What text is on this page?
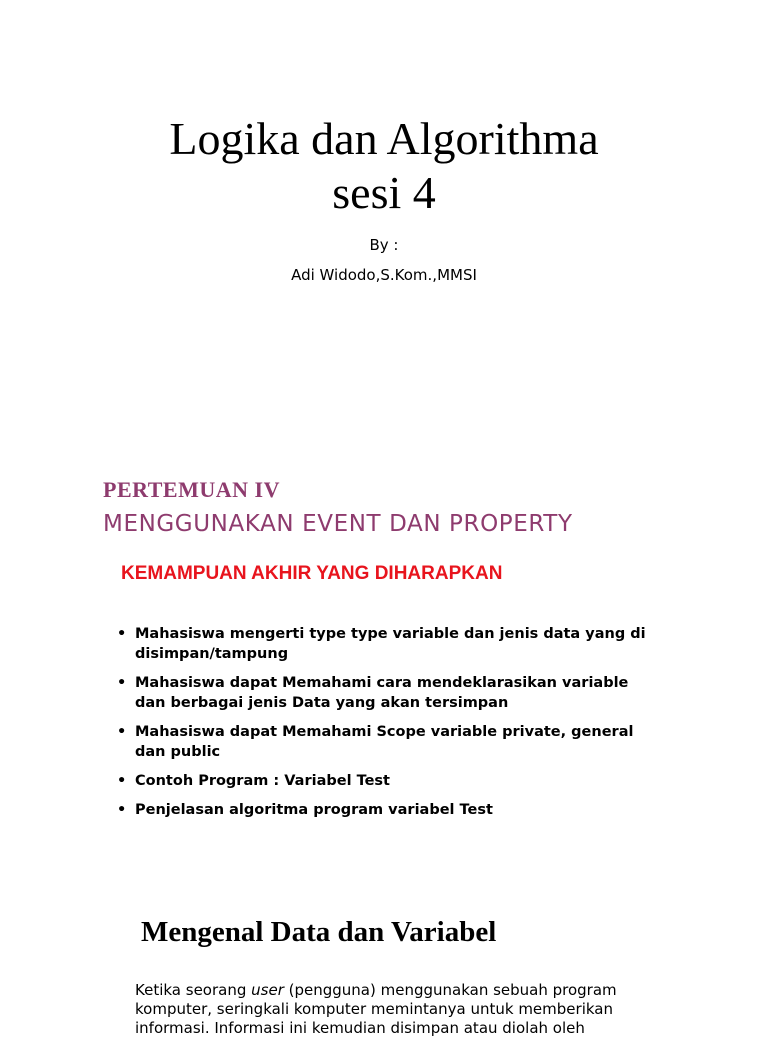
Logika dan Algorithma
sesi 4
By :
Adi Widodo,S.Kom.,MMSI
PERTEMUAN IV
MENGGUNAKAN EVENT DAN PROPERTY
KEMAMPUAN AKHIR YANG DIHARAPKAN
• Mahasiswa mengerti type type variable dan jenis data yang di disimpan/tampung
• Mahasiswa dapat Memahami cara mendeklarasikan variable dan berbagai jenis Data yang akan tersimpan
• Mahasiswa dapat Memahami Scope variable private, general dan public
• Contoh Program : Variabel Test
• Penjelasan algoritma program variabel Test
Mengenal Data dan Variabel
Ketika seorang user (pengguna) menggunakan sebuah program komputer, seringkali komputer memintanya untuk memberikan informasi. Informasi ini kemudian disimpan atau diolah oleh
